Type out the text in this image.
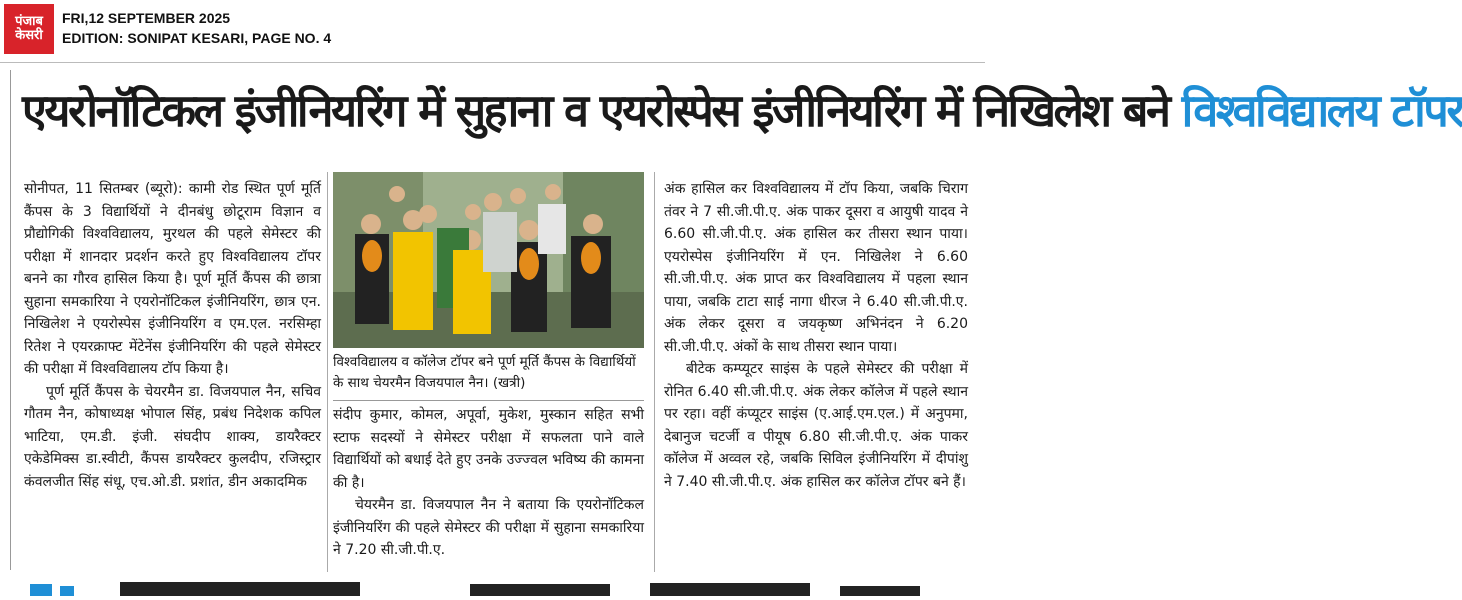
पंजाब
केसरी
FRI,12 SEPTEMBER 2025
EDITION: SONIPAT KESARI, PAGE NO. 4
एयरोनॉटिकल इंजीनियरिंग में सुहाना व एयरोस्पेस इंजीनियरिंग में निखिलेश बने विश्वविद्यालय टॉपर

सोनीपत, 11 सितम्बर (ब्यूरो): कामी रोड स्थित पूर्ण मूर्ति कैंपस के 3 विद्यार्थियों ने दीनबंधु छोटूराम विज्ञान व प्रौद्योगिकी विश्वविद्यालय, मुरथल की पहले सेमेस्टर की परीक्षा में शानदार प्रदर्शन करते हुए विश्वविद्यालय टॉपर बनने का गौरव हासिल किया है। पूर्ण मूर्ति कैंपस की छात्रा सुहाना समकारिया ने एयरोनॉटिकल इंजीनियरिंग, छात्र एन. निखिलेश ने एयरोस्पेस इंजीनियरिंग व एम.एल. नरसिम्हा रितेश ने एयरक्राफ्ट मेंटेनेंस इंजीनियरिंग की पहले सेमेस्टर की परीक्षा में विश्वविद्यालय टॉप किया है।

पूर्ण मूर्ति कैंपस के चेयरमैन डा. विजयपाल नैन, सचिव गौतम नैन, कोषाध्यक्ष भोपाल सिंह, प्रबंध निदेशक कपिल भाटिया, एम.डी. इंजी. संघदीप शाक्य, डायरैक्टर एकेडेमिक्स डा.स्वीटी, कैंपस डायरैक्टर कुलदीप, रजिस्ट्रार कंवलजीत सिंह संधू, एच.ओ.डी. प्रशांत, डीन अकादमिक

विश्वविद्यालय व कॉलेज टॉपर बने पूर्ण मूर्ति कैंपस के विद्यार्थियों के साथ चेयरमैन विजयपाल नैन। (खत्री)

संदीप कुमार, कोमल, अपूर्वा, मुकेश, मुस्कान सहित सभी स्टाफ सदस्यों ने सेमेस्टर परीक्षा में सफलता पाने वाले विद्यार्थियों को बधाई देते हुए उनके उज्ज्वल भविष्य की कामना की है।

चेयरमैन डा. विजयपाल नैन ने बताया कि एयरोनॉटिकल इंजीनियरिंग की पहले सेमेस्टर की परीक्षा में सुहाना समकारिया ने 7.20 सी.जी.पी.ए.

अंक हासिल कर विश्वविद्यालय में टॉप किया, जबकि चिराग तंवर ने 7 सी.जी.पी.ए. अंक पाकर दूसरा व आयुषी यादव ने 6.60 सी.जी.पी.ए. अंक हासिल कर तीसरा स्थान पाया। एयरोस्पेस इंजीनियरिंग में एन. निखिलेश ने 6.60 सी.जी.पी.ए. अंक प्राप्त कर विश्वविद्यालय में पहला स्थान पाया, जबकि टाटा साई नागा धीरज ने 6.40 सी.जी.पी.ए. अंक लेकर दूसरा व जयकृष्ण अभिनंदन ने 6.20 सी.जी.पी.ए. अंकों के साथ तीसरा स्थान पाया।

बीटेक कम्प्यूटर साइंस के पहले सेमेस्टर की परीक्षा में रोनित 6.40 सी.जी.पी.ए. अंक लेकर कॉलेज में पहले स्थान पर रहा। वहीं कंप्यूटर साइंस (ए.आई.एम.एल.) में अनुपमा, देबानुज चटर्जी व पीयूष 6.80 सी.जी.पी.ए. अंक पाकर कॉलेज में अव्वल रहे, जबकि सिविल इंजीनियरिंग में दीपांशु ने 7.40 सी.जी.पी.ए. अंक हासिल कर कॉलेज टॉपर बने हैं।
